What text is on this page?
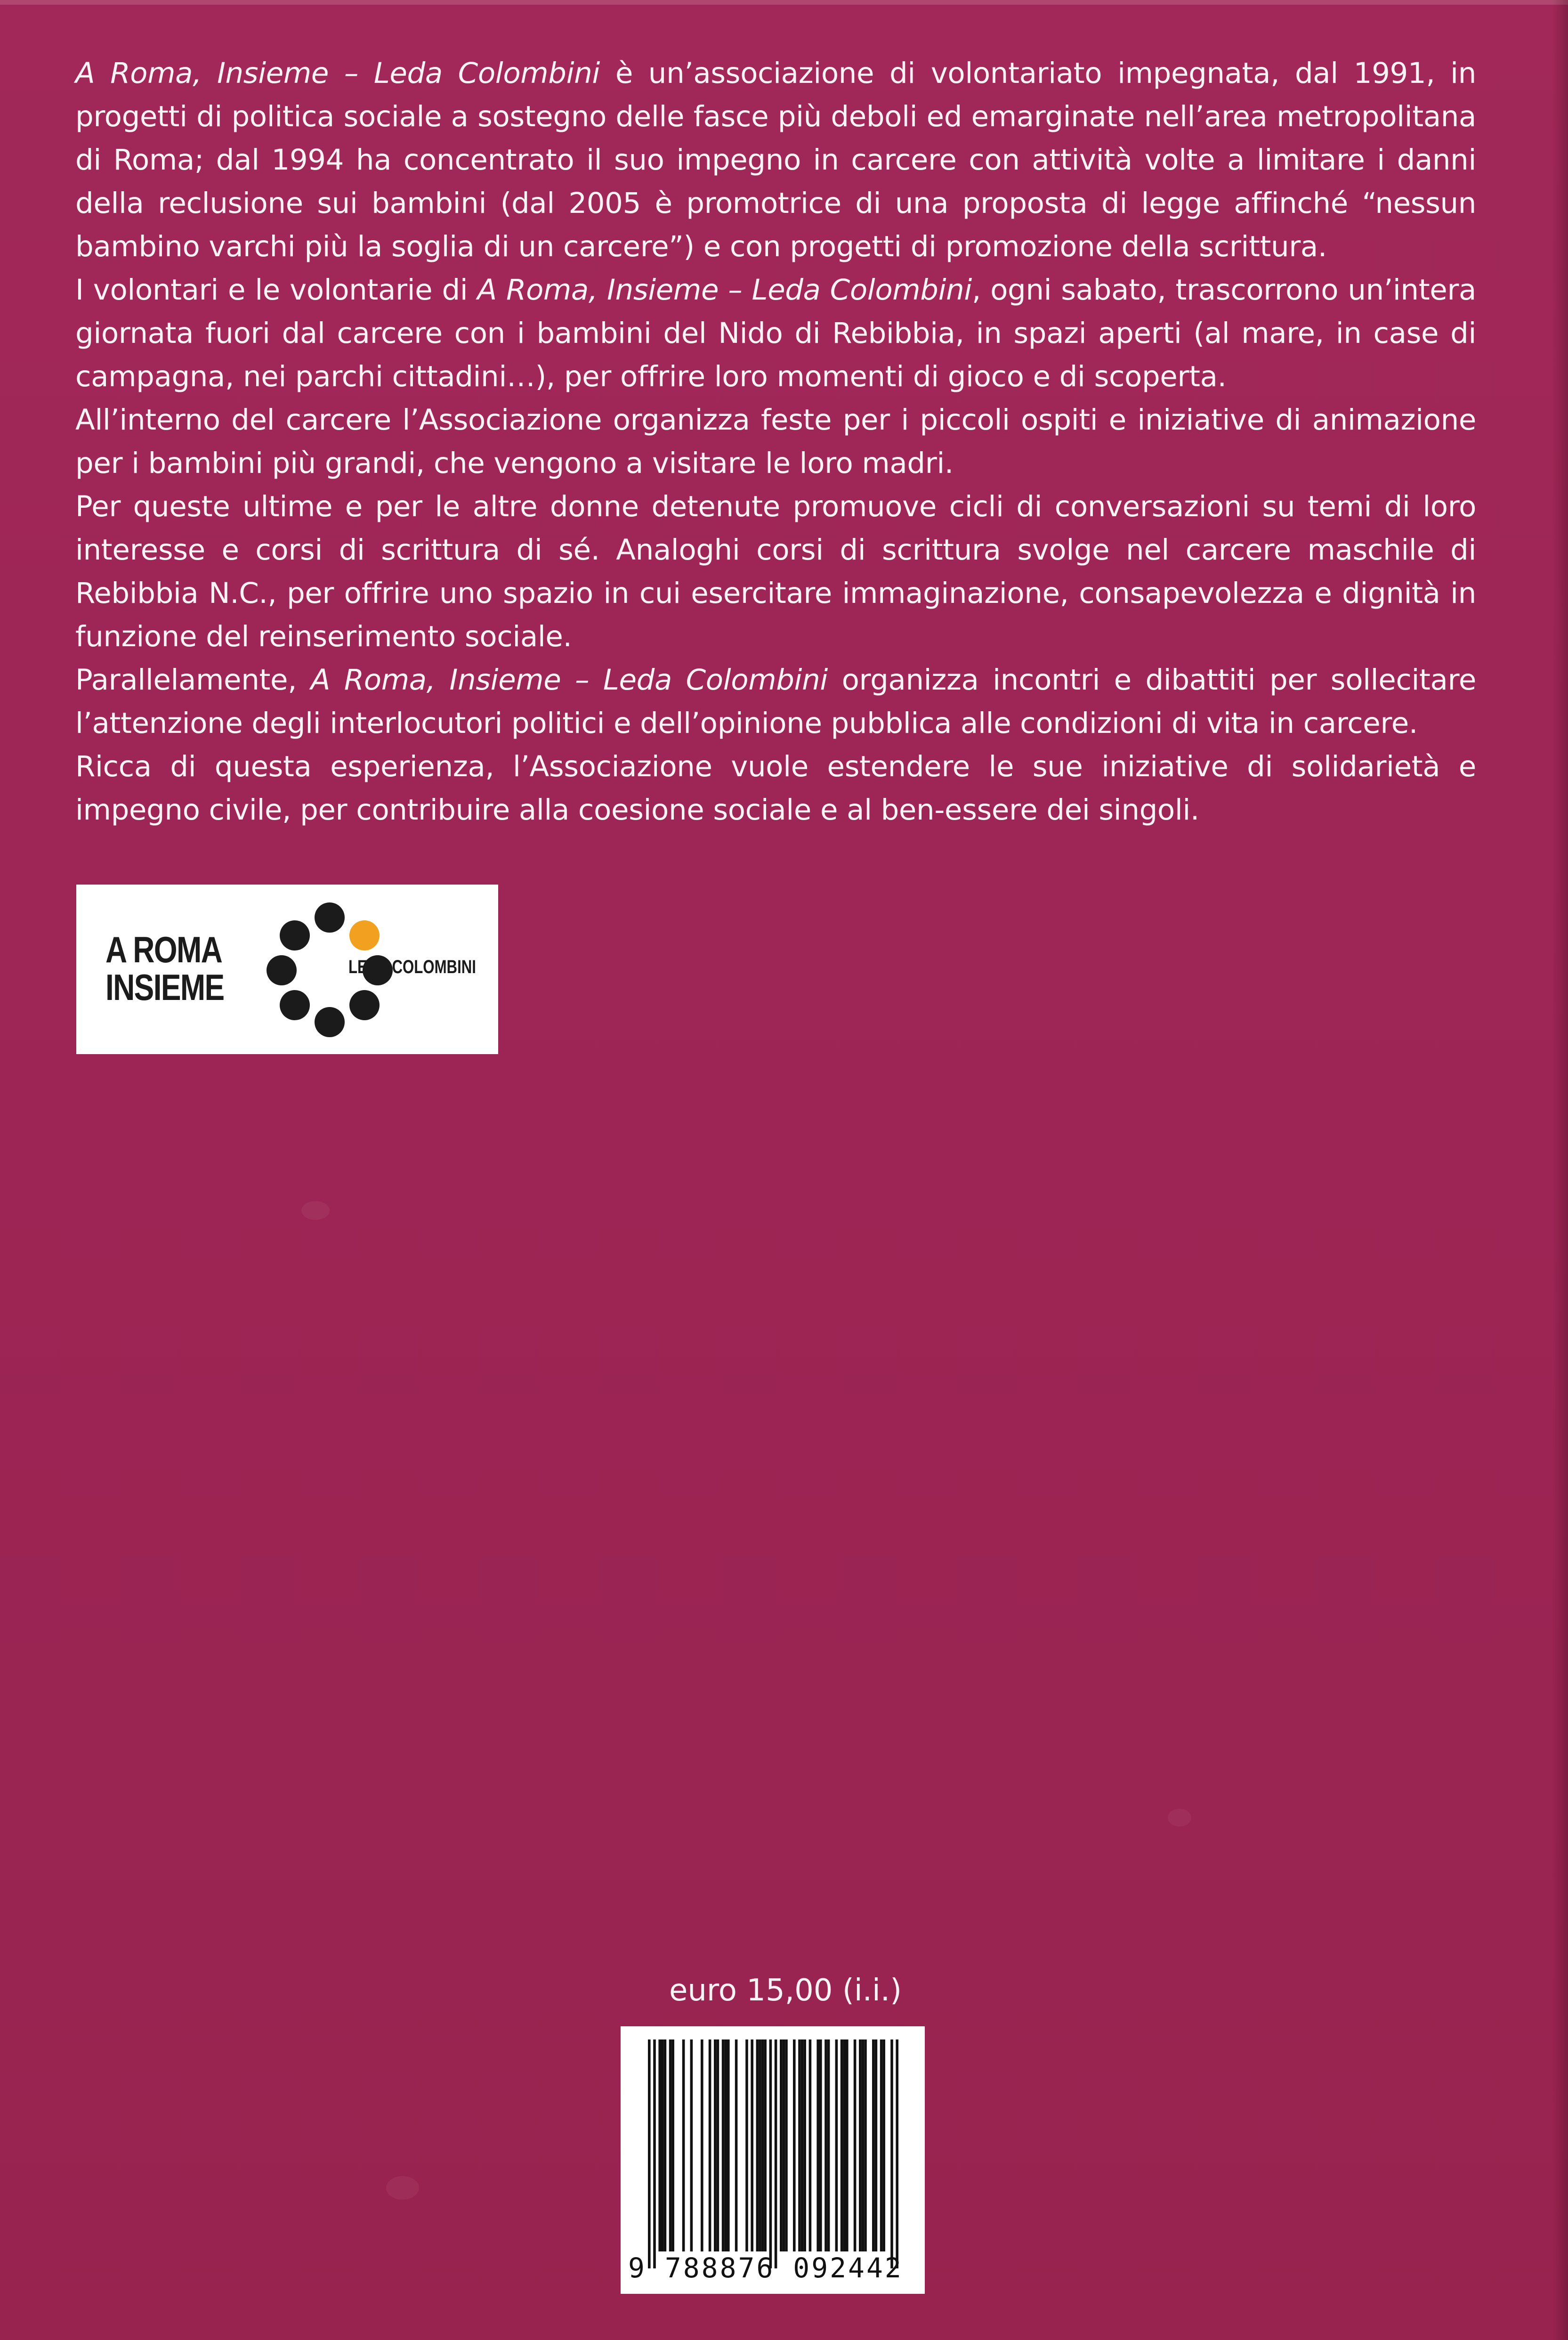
A Roma, Insieme – Leda Colombini è un’associazione di volontariato impegnata, dal 1991, in progetti di politica sociale a sostegno delle fasce più deboli ed emarginate nell’area metropolitana di Roma; dal 1994 ha concentrato il suo impegno in carcere con attività volte a limitare i danni della reclusione sui bambini (dal 2005 è promotrice di una proposta di legge affinché “nessun bambino varchi più la soglia di un carcere”) e con progetti di promozione della scrittura.

I volontari e le volontarie di A Roma, Insieme – Leda Colombini, ogni sabato, trascorrono un’intera giornata fuori dal carcere con i bambini del Nido di Rebibbia, in spazi aperti (al mare, in case di campagna, nei parchi cittadini…), per offrire loro momenti di gioco e di scoperta.

All’interno del carcere l’Associazione organizza feste per i piccoli ospiti e iniziative di animazione per i bambini più grandi, che vengono a visitare le loro madri.

Per queste ultime e per le altre donne detenute promuove cicli di conversazioni su temi di loro interesse e corsi di scrittura di sé. Analoghi corsi di scrittura svolge nel carcere maschile di Rebibbia N.C., per offrire uno spazio in cui esercitare immaginazione, consapevolezza e dignità in funzione del reinserimento sociale.

Parallelamente, A Roma, Insieme – Leda Colombini organizza incontri e dibattiti per sollecitare l’attenzione degli interlocutori politici e dell’opinione pubblica alle condizioni di vita in carcere.

Ricca di questa esperienza, l’Associazione vuole estendere le sue iniziative di solidarietà e impegno civile, per contribuire alla coesione sociale e al ben-essere dei singoli.

A ROMA
INSIEME	LEDA COLOMBINI
euro 15,00 (i.i.)
9 788876 092442
